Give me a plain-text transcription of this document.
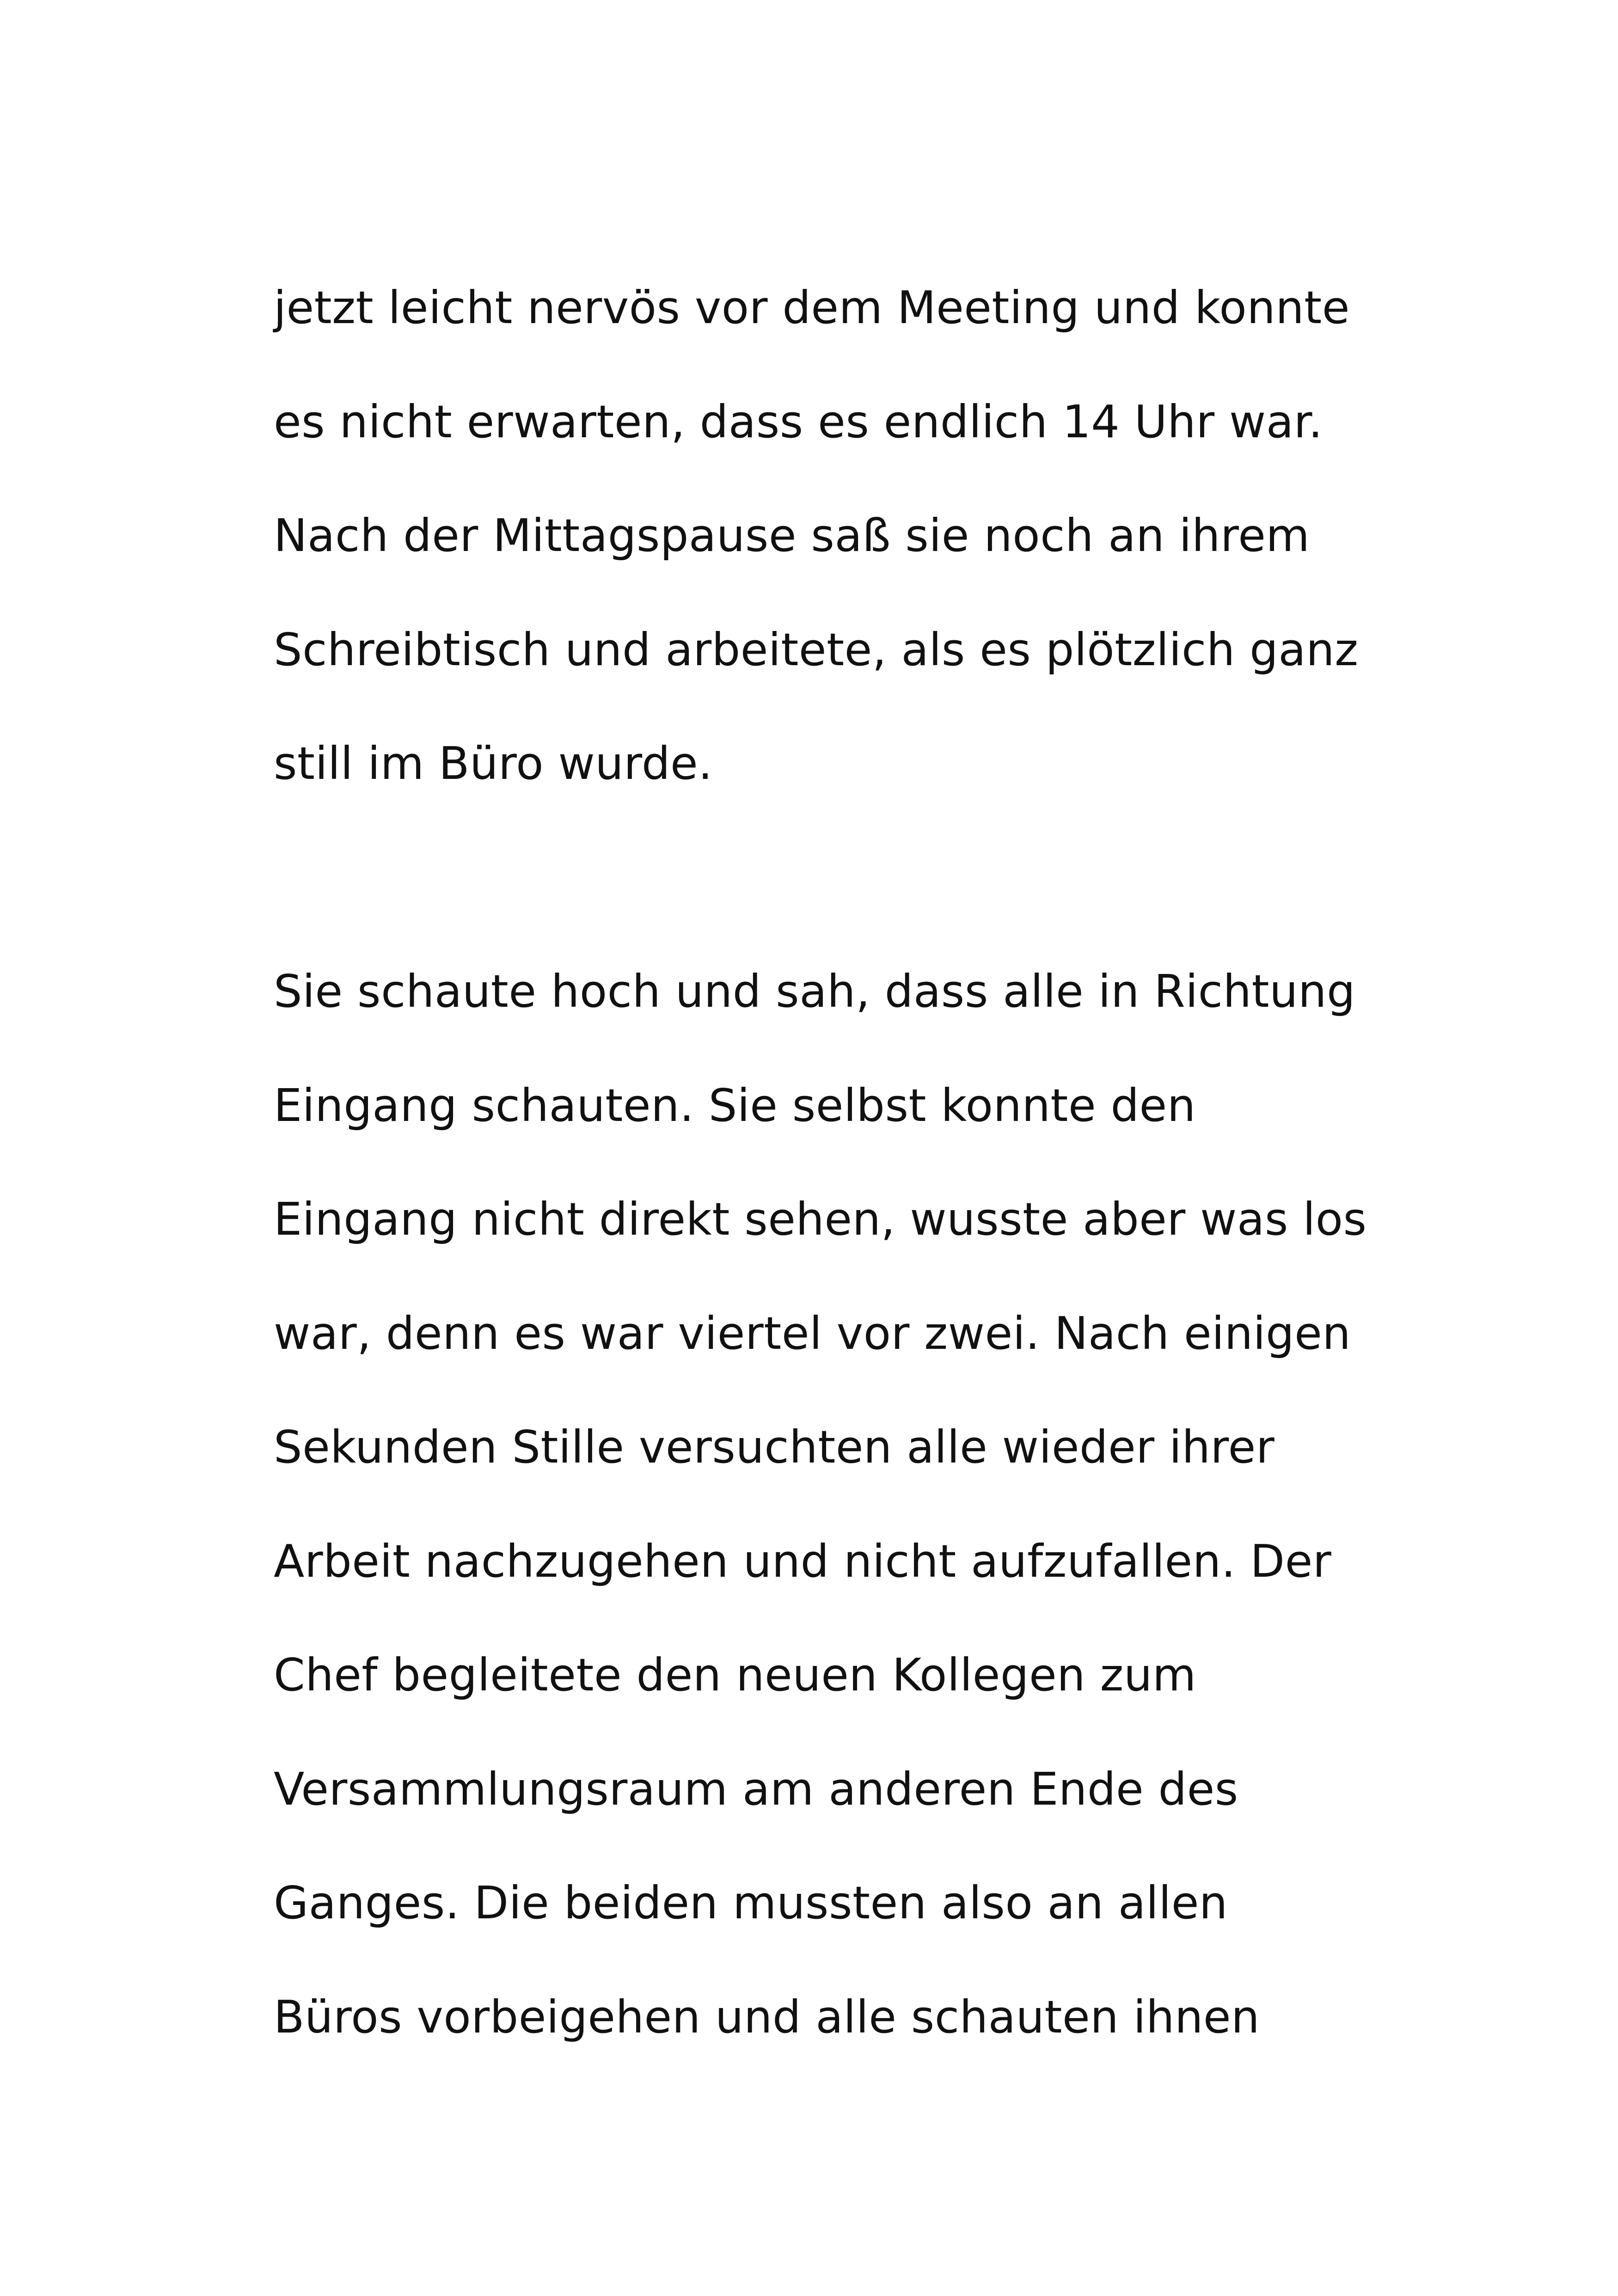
jetzt leicht nervös vor dem Meeting und konnte
es nicht erwarten, dass es endlich 14 Uhr war.
Nach der Mittagspause saß sie noch an ihrem
Schreibtisch und arbeitete, als es plötzlich ganz
still im Büro wurde.
Sie schaute hoch und sah, dass alle in Richtung
Eingang schauten. Sie selbst konnte den
Eingang nicht direkt sehen, wusste aber was los
war, denn es war viertel vor zwei. Nach einigen
Sekunden Stille versuchten alle wieder ihrer
Arbeit nachzugehen und nicht aufzufallen. Der
Chef begleitete den neuen Kollegen zum
Versammlungsraum am anderen Ende des
Ganges. Die beiden mussten also an allen
Büros vorbeigehen und alle schauten ihnen
